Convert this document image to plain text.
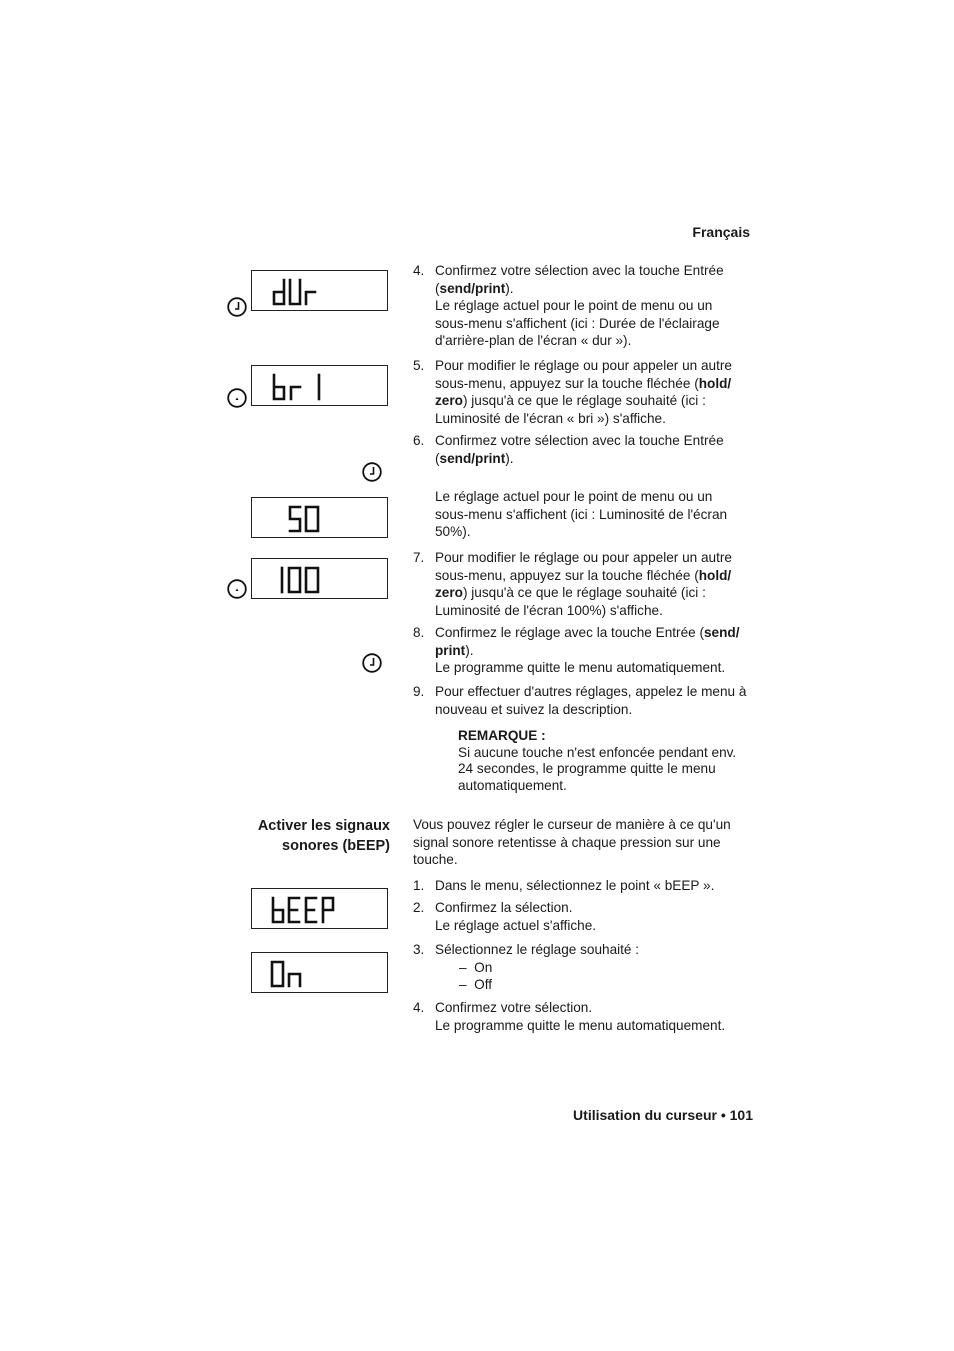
Français
4. Confirmez votre sélection avec la touche Entrée
(send/print).
Le réglage actuel pour le point de menu ou un
sous-menu s'affichent (ici : Durée de l'éclairage
d'arrière-plan de l'écran « dur »).
5. Pour modifier le réglage ou pour appeler un autre
sous-menu, appuyez sur la touche fléchée (hold/
zero) jusqu'à ce que le réglage souhaité (ici :
Luminosité de l'écran « bri ») s'affiche.
6. Confirmez votre sélection avec la touche Entrée
(send/print).
Le réglage actuel pour le point de menu ou un
sous-menu s'affichent (ici : Luminosité de l'écran
50%).
7. Pour modifier le réglage ou pour appeler un autre
sous-menu, appuyez sur la touche fléchée (hold/
zero) jusqu'à ce que le réglage souhaité (ici :
Luminosité de l'écran 100%) s'affiche.
8. Confirmez le réglage avec la touche Entrée (send/
print).
Le programme quitte le menu automatiquement.
9. Pour effectuer d'autres réglages, appelez le menu à
nouveau et suivez la description.
REMARQUE :
Si aucune touche n'est enfoncée pendant env.
24 secondes, le programme quitte le menu
automatiquement.
Activer les signaux
sonores (bEEP)
Vous pouvez régler le curseur de manière à ce qu'un
signal sonore retentisse à chaque pression sur une
touche.
1. Dans le menu, sélectionnez le point « bEEP ».
2. Confirmez la sélection.
Le réglage actuel s'affiche.
3. Sélectionnez le réglage souhaité :
–  On
–  Off
4. Confirmez votre sélection.
Le programme quitte le menu automatiquement.
Utilisation du curseur • 101
